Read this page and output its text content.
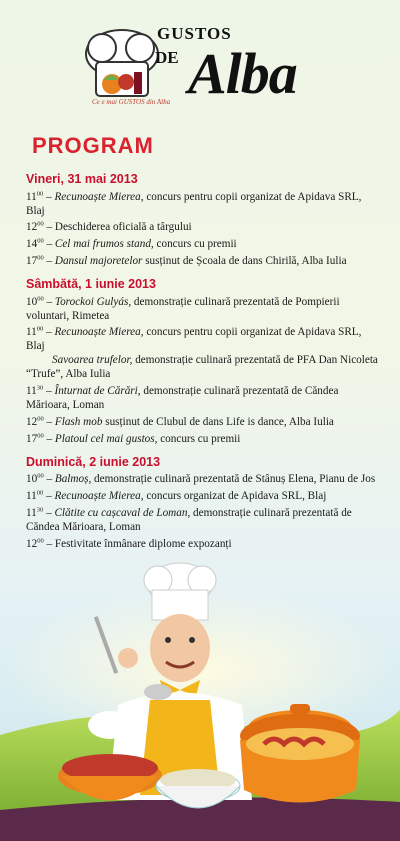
GUSTOS
DE Alba
Ce e mai GUSTOS din Alba
PROGRAM
Vineri, 31 mai 2013
$11^{00}$ – Recunoaște Mierea, concurs pentru copii organizat de Apidava SRL, Blaj
$12^{00}$ – Deschiderea oficială a târgului
$14^{00}$ – Cel mai frumos stand, concurs cu premii
$17^{00}$ – Dansul majoretelor susținut de Școala de dans Chirilă, Alba Iulia
Sâmbătă, 1 iunie 2013
$10^{00}$ – Torockoi Gulyás, demonstrație culinară prezentată de Pompierii voluntari, Rimetea
$11^{00}$ – Recunoaște Mierea, concurs pentru copii organizat de Apidava SRL, Blaj
Savoarea trufelor, demonstrație culinară prezentată de PFA Dan Nicoleta “Trufe”, Alba Iulia
$11^{30}$ – Înturnat de Cărări, demonstrație culinară prezentată de Căndea Mărioara, Loman
$12^{00}$ – Flash mob susținut de Clubul de dans Life is dance, Alba Iulia
$17^{00}$ – Platoul cel mai gustos, concurs cu premii
Duminică, 2 iunie 2013
$10^{00}$ – Balmoș, demonstrație culinară prezentată de Stânuș Elena, Pianu de Jos
$11^{00}$ – Recunoaște Mierea, concurs organizat de Apidava SRL, Blaj
$11^{30}$ – Clătite cu cașcaval de Loman, demonstrație culinară prezentată de Căndea Mărioara, Loman
$12^{00}$ – Festivitate înmânare diplome expozanți
